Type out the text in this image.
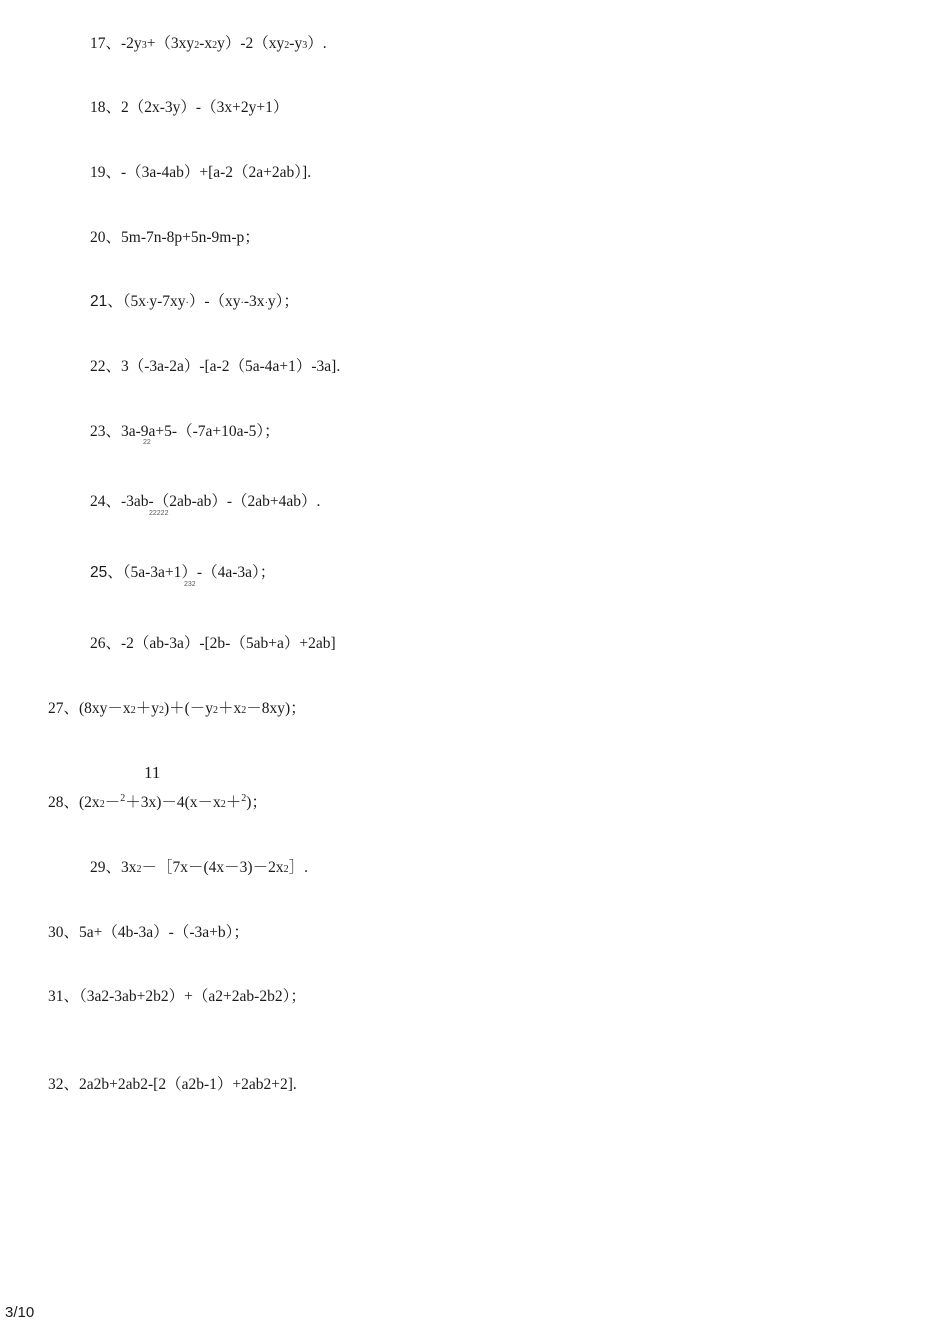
17、-2y3+（3xy2-x2y）-2（xy2-y3）.
18、2（2x-3y）-（3x+2y+1）
19、-（3a-4ab）+[a-2（2a+2ab）].
20、5m-7n-8p+5n-9m-p；
21、（5x·y-7xy·）-（xy·-3x·y）；
22、3（-3a-2a）-[a-2（5a-4a+1）-3a].
23、3a-9a+5-（-7a+10a-5）；
22
24、-3ab-（2ab-ab）-（2ab+4ab）.
22222
25、（5a-3a+1）-（4a-3a）；
232
26、-2（ab-3a）-[2b-（5ab+a）+2ab]
27、(8xy－x2＋y2)＋(－y2＋x2－8xy)；
11
28、(2x2－$^2$＋3x)－4(x－x2＋$^2$)；
29、3x2－［7x－(4x－3)－2x2］.
30、5a+（4b-3a）-（-3a+b）；
31、（3a2-3ab+2b2）+（a2+2ab-2b2）；
32、2a2b+2ab2-[2（a2b-1）+2ab2+2].
3/10
